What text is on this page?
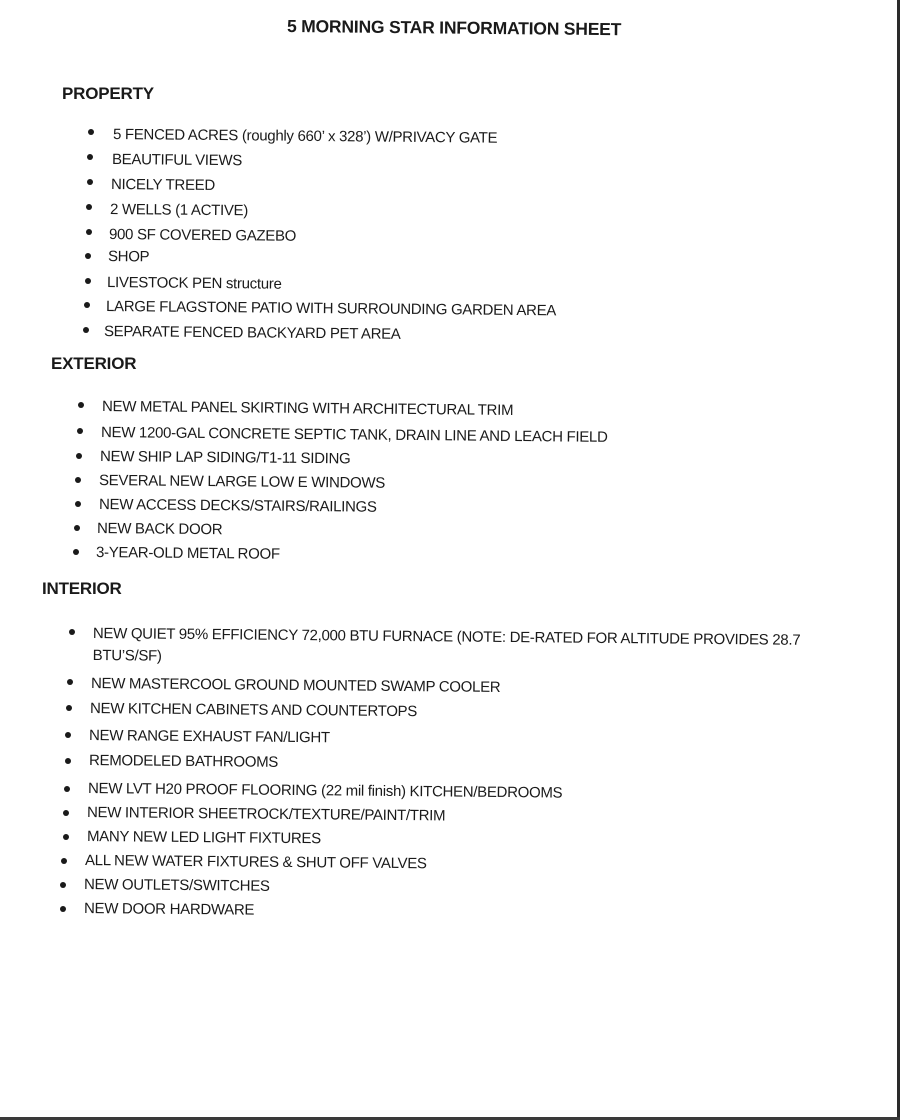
5 MORNING STAR INFORMATION SHEET
PROPERTY
5 FENCED ACRES (roughly 660’ x 328’) W/PRIVACY GATE
BEAUTIFUL VIEWS
NICELY TREED
2 WELLS (1 ACTIVE)
900 SF COVERED GAZEBO
SHOP
LIVESTOCK PEN structure
LARGE FLAGSTONE PATIO WITH SURROUNDING GARDEN AREA
SEPARATE FENCED BACKYARD PET AREA
EXTERIOR
NEW METAL PANEL SKIRTING WITH ARCHITECTURAL TRIM
NEW 1200-GAL CONCRETE SEPTIC TANK, DRAIN LINE AND LEACH FIELD
NEW SHIP LAP SIDING/T1-11 SIDING
SEVERAL NEW LARGE LOW E WINDOWS
NEW ACCESS DECKS/STAIRS/RAILINGS
NEW BACK DOOR
3-YEAR-OLD METAL ROOF
INTERIOR
NEW QUIET 95% EFFICIENCY 72,000 BTU FURNACE (NOTE: DE-RATED FOR ALTITUDE PROVIDES 28.7 BTU’S/SF)
NEW MASTERCOOL GROUND MOUNTED SWAMP COOLER
NEW KITCHEN CABINETS AND COUNTERTOPS
NEW RANGE EXHAUST FAN/LIGHT
REMODELED BATHROOMS
NEW LVT H20 PROOF FLOORING (22 mil finish) KITCHEN/BEDROOMS
NEW INTERIOR SHEETROCK/TEXTURE/PAINT/TRIM
MANY NEW LED LIGHT FIXTURES
ALL NEW WATER FIXTURES & SHUT OFF VALVES
NEW OUTLETS/SWITCHES
NEW DOOR HARDWARE
